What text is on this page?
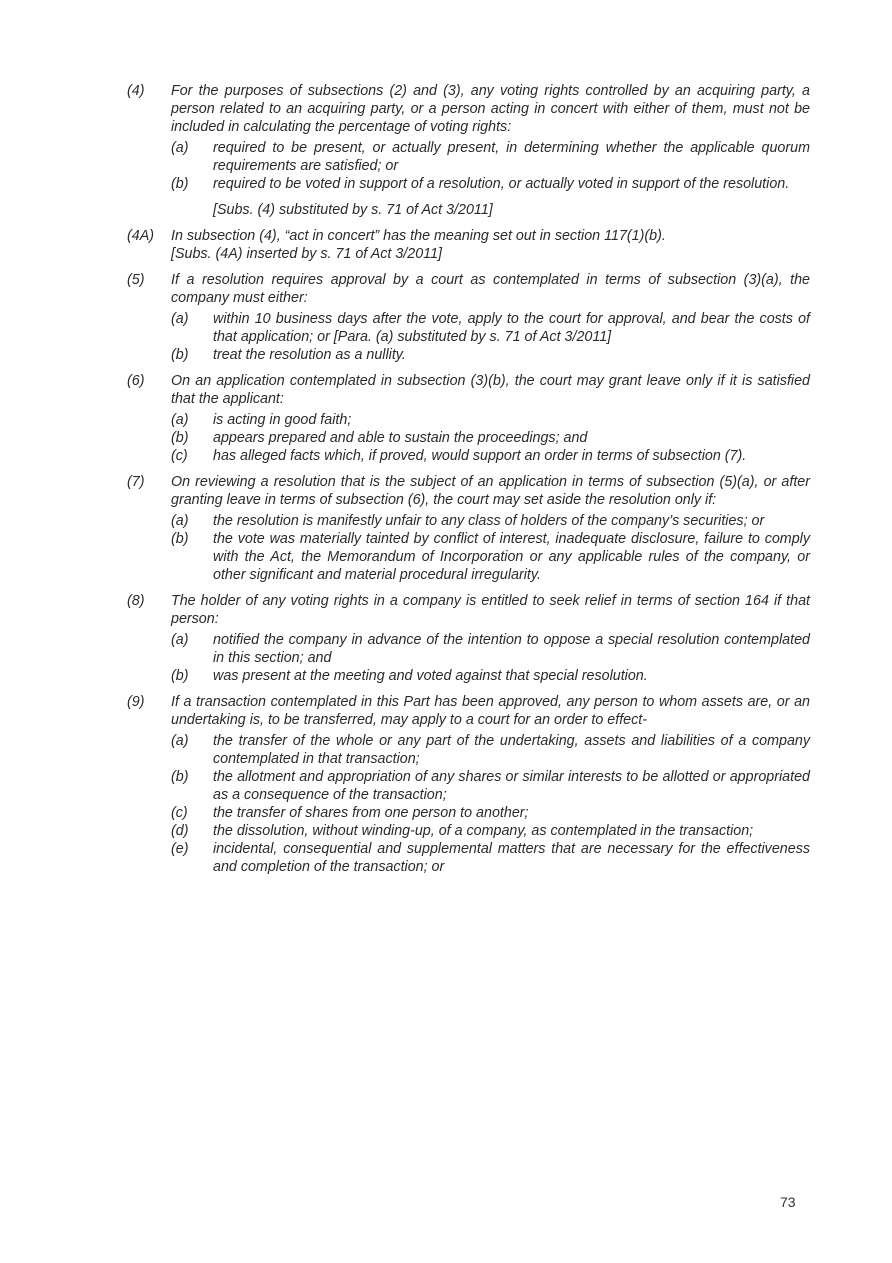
(4)	For the purposes of subsections (2) and (3), any voting rights controlled by an acquiring party, a person related to an acquiring party, or a person acting in concert with either of them, must not be included in calculating the percentage of voting rights:
(a)	required to be present, or actually present, in determining whether the applicable quorum requirements are satisfied; or
(b)	required to be voted in support of a resolution, or actually voted in support of the resolution.
[Subs. (4) substituted by s. 71 of Act 3/2011]
(4A)	In subsection (4), “act in concert” has the meaning set out in section 117(1)(b).
[Subs. (4A) inserted by s. 71 of Act 3/2011]
(5)	If a resolution requires approval by a court as contemplated in terms of subsection (3)(a), the company must either:
(a)	within 10 business days after the vote, apply to the court for approval, and bear the costs of that application; or [Para. (a) substituted by s. 71 of Act 3/2011]
(b)	treat the resolution as a nullity.
(6)	On an application contemplated in subsection (3)(b), the court may grant leave only if it is satisfied that the applicant:
(a)	is acting in good faith;
(b)	appears prepared and able to sustain the proceedings; and
(c)	has alleged facts which, if proved, would support an order in terms of subsection (7).
(7)	On reviewing a resolution that is the subject of an application in terms of subsection (5)(a), or after granting leave in terms of subsection (6), the court may set aside the resolution only if:
(a)	the resolution is manifestly unfair to any class of holders of the company’s securities; or
(b)	the vote was materially tainted by conflict of interest, inadequate disclosure, failure to comply with the Act, the Memorandum of Incorporation or any applicable rules of the company, or other significant and material procedural irregularity.
(8)	The holder of any voting rights in a company is entitled to seek relief in terms of section 164 if that person:
(a)	notified the company in advance of the intention to oppose a special resolution contemplated in this section; and
(b)	was present at the meeting and voted against that special resolution.
(9)	If a transaction contemplated in this Part has been approved, any person to whom assets are, or an undertaking is, to be transferred, may apply to a court for an order to effect-
(a)	the transfer of the whole or any part of the undertaking, assets and liabilities of a company contemplated in that transaction;
(b)	the allotment and appropriation of any shares or similar interests to be allotted or appropriated as a consequence of the transaction;
(c)	the transfer of shares from one person to another;
(d)	the dissolution, without winding-up, of a company, as contemplated in the transaction;
(e)	incidental, consequential and supplemental matters that are necessary for the effectiveness and completion of the transaction; or
73
